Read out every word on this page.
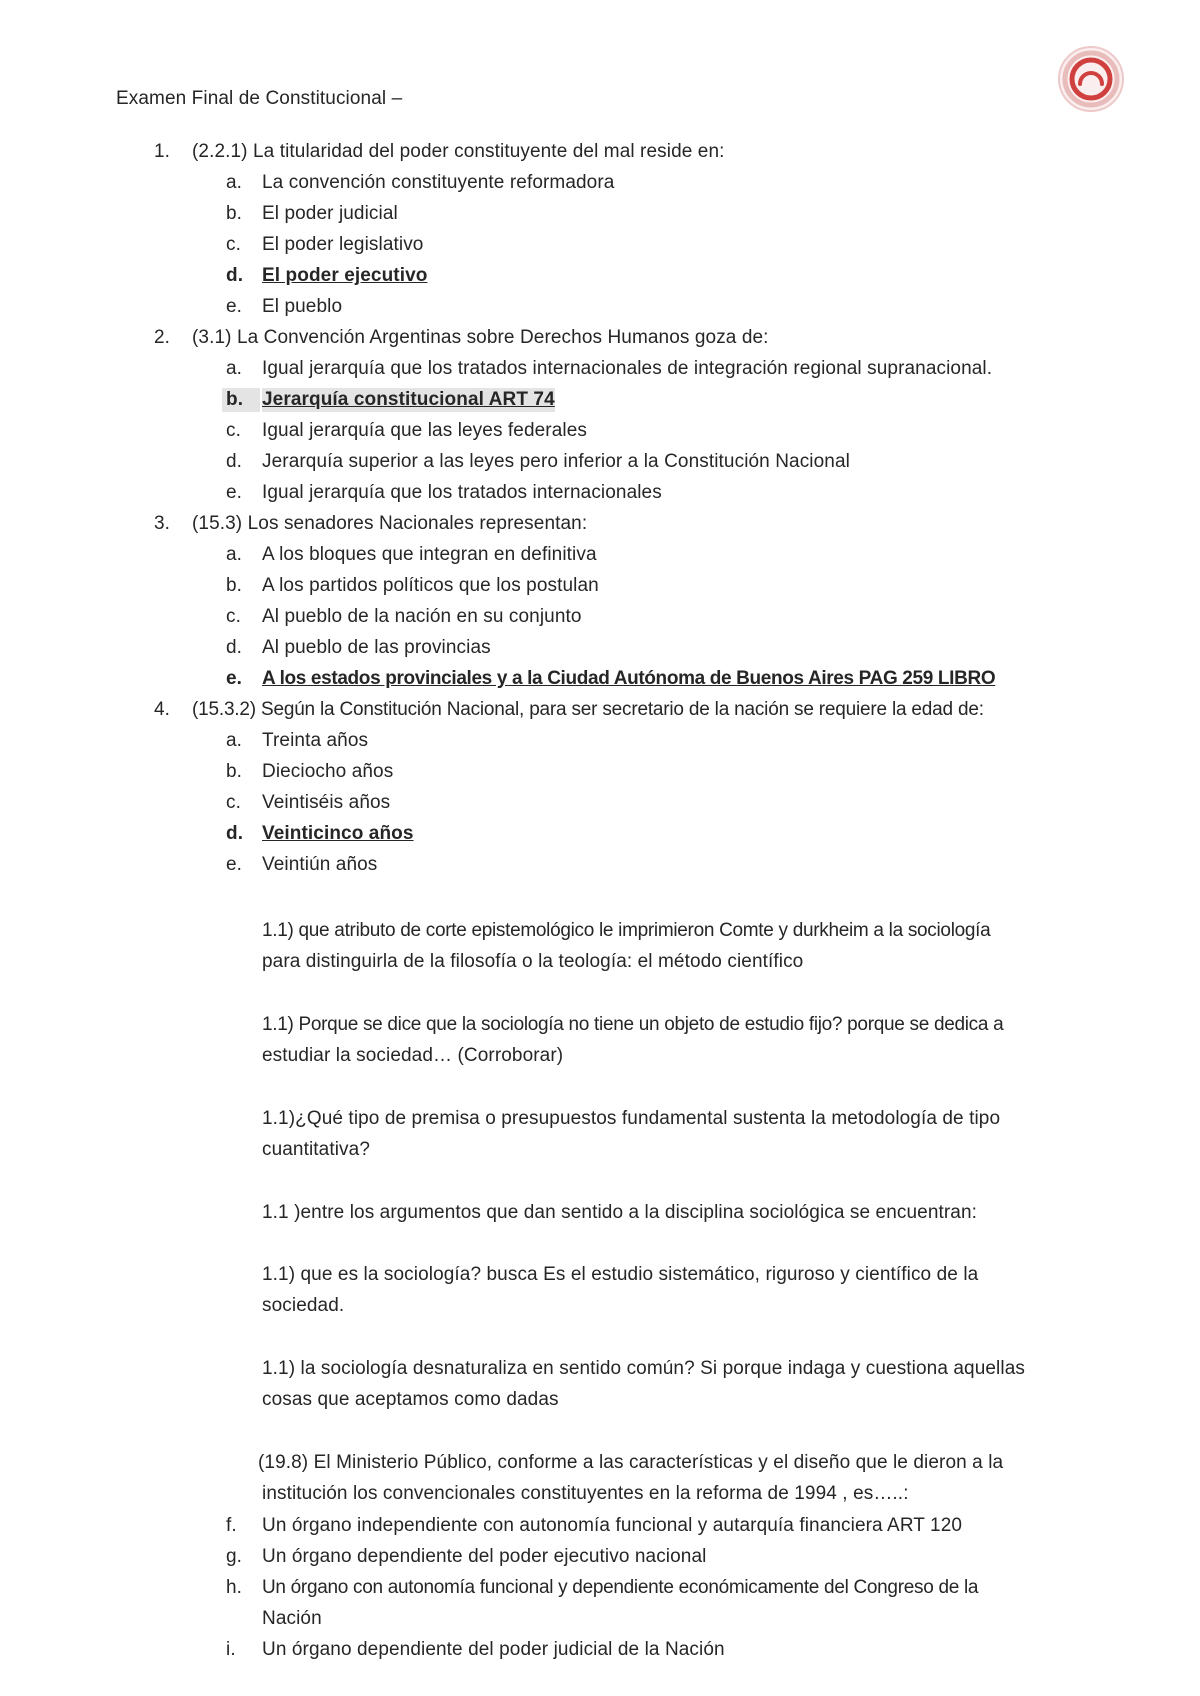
Examen Final de Constitucional –
1.	(2.2.1) La titularidad del poder constituyente del mal reside en:
a.	La convención constituyente reformadora
b.	El poder judicial
c.	El poder legislativo
d. El poder ejecutivo
e.	El pueblo
2.	(3.1) La Convención Argentinas sobre Derechos Humanos goza de:
a.	Igual jerarquía que los tratados internacionales de integración regional supranacional.
b. Jerarquía constitucional ART 74
c.	Igual jerarquía que las leyes federales
d.	Jerarquía superior a las leyes pero inferior a la Constitución Nacional
e.	Igual jerarquía que los tratados internacionales
3.	(15.3) Los senadores Nacionales representan:
a.	A los bloques que integran en definitiva
b.	A los partidos políticos que los postulan
c.	Al pueblo de la nación en su conjunto
d.	Al pueblo de las provincias
e. A los estados provinciales y a la Ciudad Autónoma de Buenos Aires PAG 259 LIBRO
4.	(15.3.2) Según la Constitución Nacional, para ser secretario de la nación se requiere la edad de:
a.	Treinta años
b.	Dieciocho años
c.	Veintiséis años
d. Veinticinco años
e.	Veintiún años
1.1) que atributo de corte epistemológico le imprimieron Comte y durkheim a la sociología
para distinguirla de la filosofía o la teología: el método científico
1.1) Porque se dice que la sociología no tiene un objeto de estudio fijo? porque se dedica a
estudiar la sociedad… (Corroborar)
1.1)¿Qué tipo de premisa o presupuestos fundamental sustenta la metodología de tipo
cuantitativa?
1.1 )entre los argumentos que dan sentido a la disciplina sociológica se encuentran:
1.1) que es la sociología? busca Es el estudio sistemático, riguroso y científico de la
sociedad.
1.1) la sociología desnaturaliza en sentido común? Si porque indaga y cuestiona aquellas
cosas que aceptamos como dadas
(19.8) El Ministerio Público, conforme a las características y el diseño que le dieron a la
institución los convencionales constituyentes en la reforma de 1994 , es…..:
f.	Un órgano independiente con autonomía funcional y autarquía financiera ART 120
g.	Un órgano dependiente del poder ejecutivo nacional
h.	Un órgano con autonomía funcional y dependiente económicamente del Congreso de la
Nación
i.	Un órgano dependiente del poder judicial de la Nación
